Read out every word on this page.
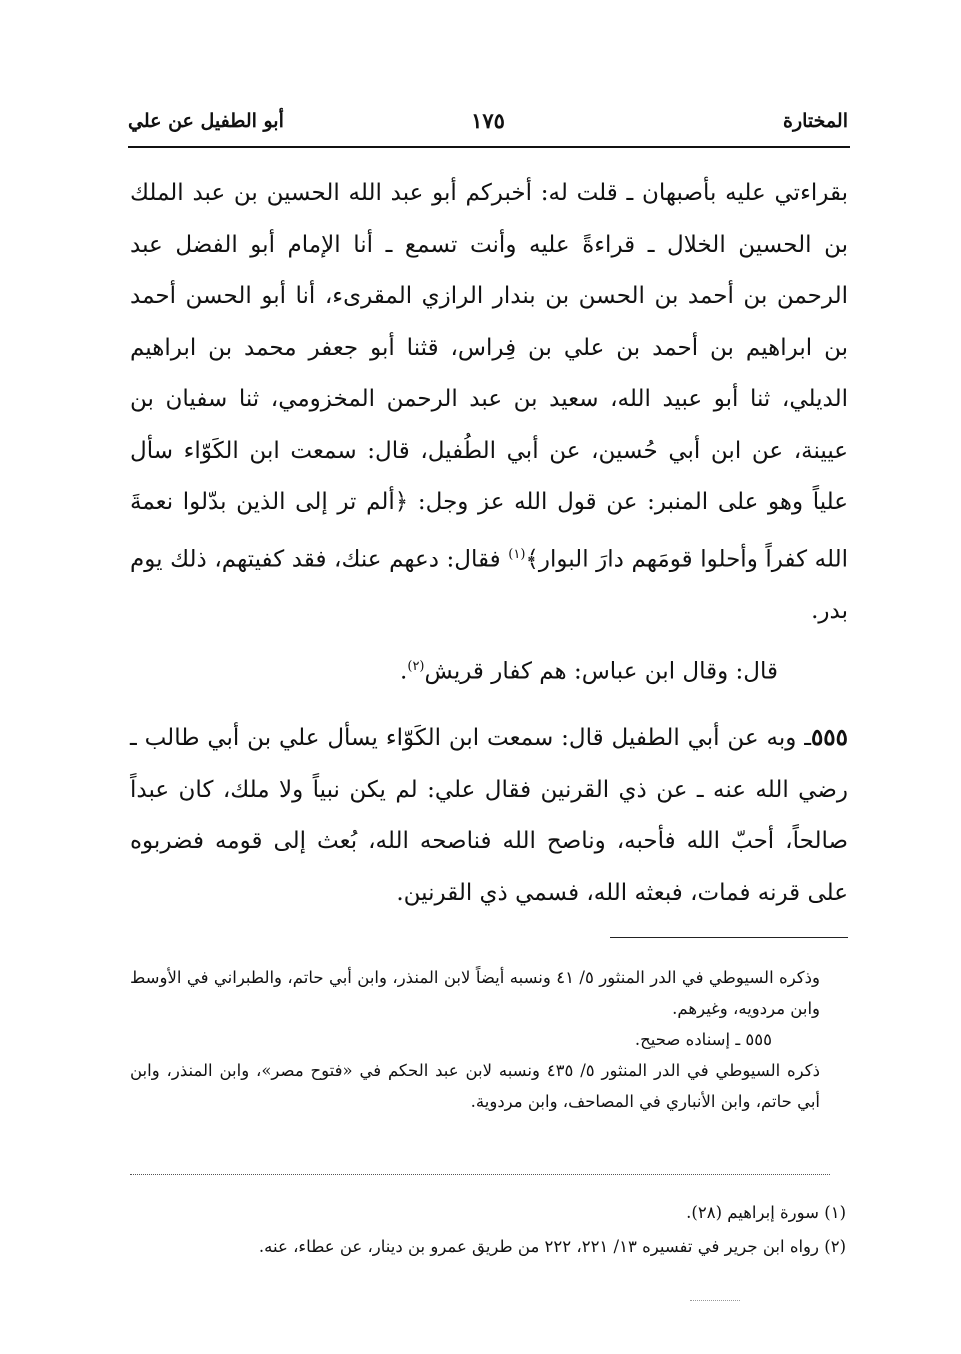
المختارة
١٧٥
أبو الطفيل عن علي

بقراءتي عليه بأصبهان ـ قلت له: أخبركم أبو عبد الله الحسين بن عبد الملك بن الحسين الخلال ـ قراءةً عليه وأنت تسمع ـ أنا الإمام أبو الفضل عبد الرحمن بن أحمد بن الحسن بن بندار الرازي المقرىء، أنا أبو الحسن أحمد بن ابراهيم بن أحمد بن علي بن فِراس، قثنا أبو جعفر محمد بن ابراهيم الديلي، ثنا أبو عبيد الله، سعيد بن عبد الرحمن المخزومي، ثنا سفيان بن عيينة، عن ابن أبي حُسين، عن أبي الطُفيل، قال: سمعت ابن الكَوّاء سأل علياً وهو على المنبر: عن قول الله عز وجل: ﴿ألم تر إلى الذين بدّلوا نعمةَ الله كفراً وأحلوا قومَهم دارَ البوار﴾$^{(١)}$ فقال: دعهم عنك، فقد كفيتهم، ذلك يوم بدر.

قال: وقال ابن عباس: هم كفار قريش$^{(٢)}$.

٥٥٥ـ وبه عن أبي الطفيل قال: سمعت ابن الكَوّاء يسأل علي بن أبي طالب ـ رضي الله عنه ـ عن ذي القرنين فقال علي: لم يكن نبياً ولا ملك، كان عبداً صالحاً، أحبّ الله فأحبه، وناصح الله فناصحه الله، بُعث إلى قومه فضربوه على قرنه فمات، فبعثه الله، فسمي ذي القرنين.

وذكره السيوطي في الدر المنثور ٥/ ٤١ ونسبه أيضاً لابن المنذر، وابن أبي حاتم، والطبراني في الأوسط وابن مردويه، وغيرهم.

٥٥٥ ـ إسناده صحيح.

ذكره السيوطي في الدر المنثور ٥/ ٤٣٥ ونسبه لابن عبد الحكم في «فتوح مصر»، وابن المنذر، وابن أبي حاتم، وابن الأنباري في المصاحف، وابن مردوية.

(١) سورة إبراهيم (٢٨).

(٢) رواه ابن جرير في تفسيره ١٣/ ٢٢١، ٢٢٢ من طريق عمرو بن دينار، عن عطاء، عنه.
